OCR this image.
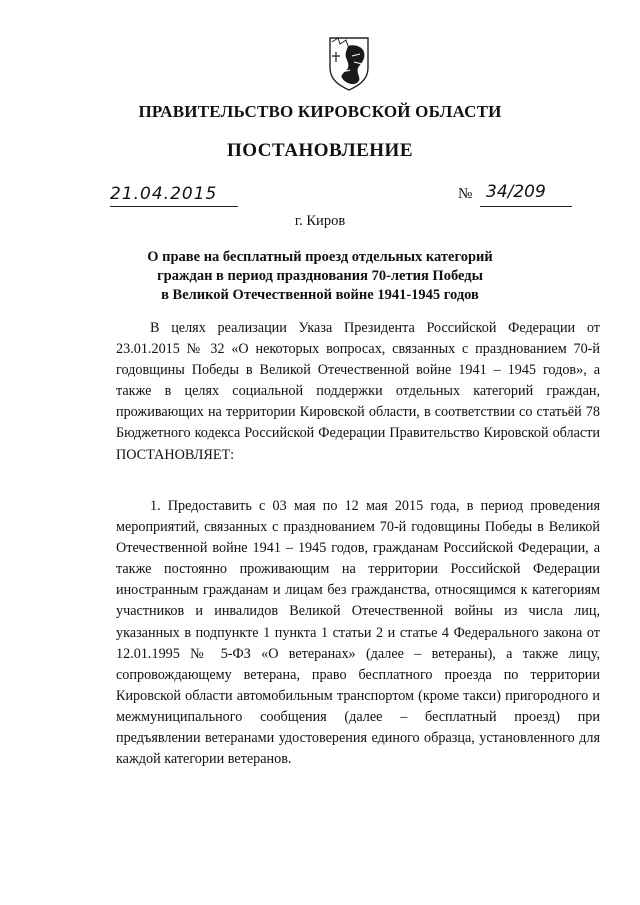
ПРАВИТЕЛЬСТВО КИРОВСКОЙ ОБЛАСТИ
ПОСТАНОВЛЕНИЕ
21.04.2015	№ 34/209
г. Киров
О праве на бесплатный проезд отдельных категорий
граждан в период празднования 70-летия Победы
в Великой Отечественной войне 1941-1945 годов
В целях реализации Указа Президента Российской Федерации от 23.01.2015 № 32 «О некоторых вопросах, связанных с празднованием 70-й годовщины Победы в Великой Отечественной войне 1941 – 1945 годов», а также в целях социальной поддержки отдельных категорий граждан, проживающих на территории Кировской области, в соответствии со статьёй 78 Бюджетного кодекса Российской Федерации Правительство Кировской области ПОСТАНОВЛЯЕТ:
1. Предоставить с 03 мая по 12 мая 2015 года, в период проведения мероприятий, связанных с празднованием 70-й годовщины Победы в Великой Отечественной войне 1941 – 1945 годов, гражданам Российской Федерации, а также постоянно проживающим на территории Российской Федерации иностранным гражданам и лицам без гражданства, относящимся к категориям участников и инвалидов Великой Отечественной войны из числа лиц, указанных в подпункте 1 пункта 1 статьи 2 и статье 4 Федерального закона от 12.01.1995 № 5-ФЗ «О ветеранах» (далее – ветераны), а также лицу, сопровождающему ветерана, право бесплатного проезда по территории Кировской области автомобильным транспортом (кроме такси) пригородного и межмуниципального сообщения (далее – бесплатный проезд) при предъявлении ветеранами удостоверения единого образца, установленного для каждой категории ветеранов.
